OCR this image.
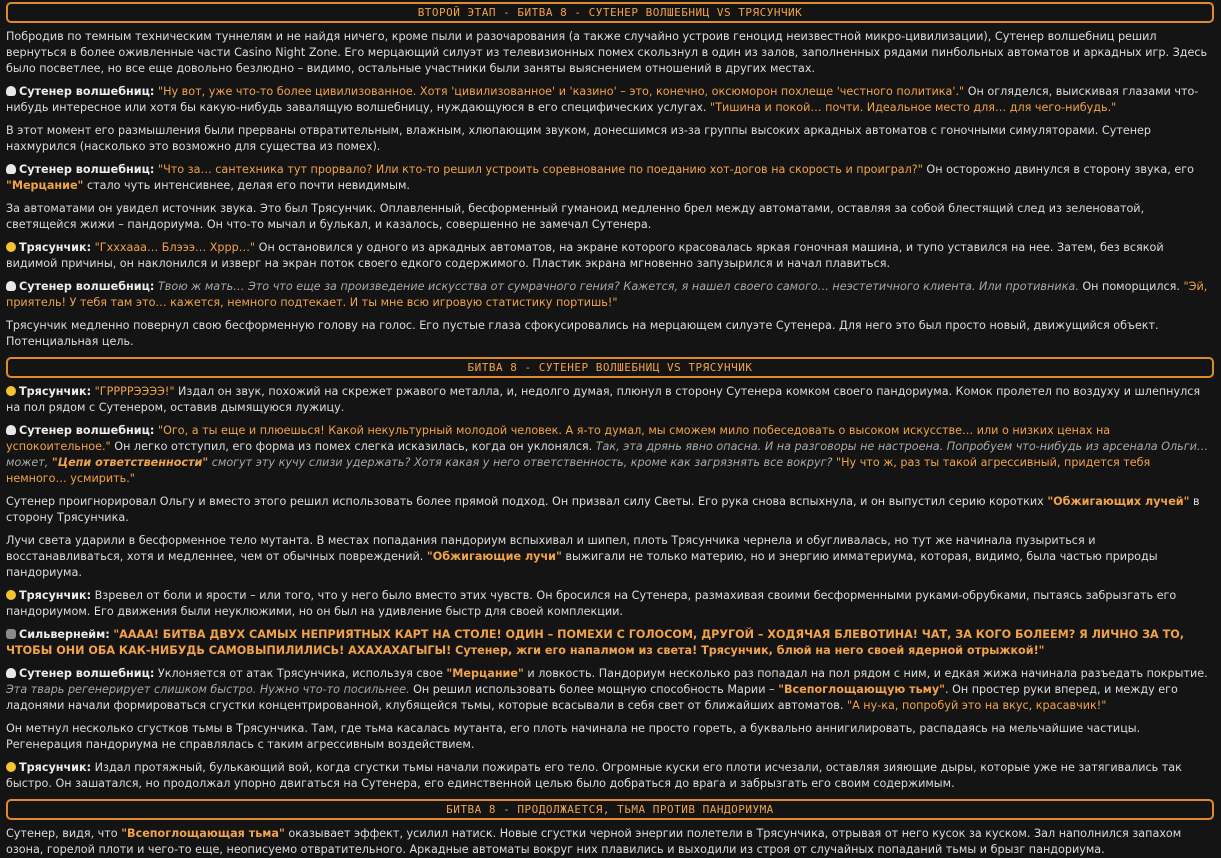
ВТОРОЙ ЭТАП - БИТВА 8 - СУТЕНЕР ВОЛШЕБНИЦ VS ТРЯСУНЧИК

Побродив по темным техническим туннелям и не найдя ничего, кроме пыли и разочарования (а также случайно устроив геноцид неизвестной микро-цивилизации), Сутенер волшебниц решил вернуться в более оживленные части Casino Night Zone. Его мерцающий силуэт из телевизионных помех скользнул в один из залов, заполненных рядами пинбольных автоматов и аркадных игр. Здесь было посветлее, но все еще довольно безлюдно – видимо, остальные участники были заняты выяснением отношений в других местах.

Сутенер волшебниц: "Ну вот, уже что-то более цивилизованное. Хотя 'цивилизованное' и 'казино' – это, конечно, оксюморон похлеще 'честного политика'." Он огляделся, выискивая глазами что-нибудь интересное или хотя бы какую-нибудь завалящую волшебницу, нуждающуюся в его специфических услугах. "Тишина и покой… почти. Идеальное место для… для чего-нибудь."

В этот момент его размышления были прерваны отвратительным, влажным, хлюпающим звуком, донесшимся из-за группы высоких аркадных автоматов с гоночными симуляторами. Сутенер нахмурился (насколько это возможно для существа из помех).

Сутенер волшебниц: "Что за… сантехника тут прорвало? Или кто-то решил устроить соревнование по поеданию хот-догов на скорость и проиграл?" Он осторожно двинулся в сторону звука, его "Мерцание" стало чуть интенсивнее, делая его почти невидимым.

За автоматами он увидел источник звука. Это был Трясунчик. Оплавленный, бесформенный гуманоид медленно брел между автоматами, оставляя за собой блестящий след из зеленоватой, светящейся жижи – пандориума. Он что-то мычал и булькал, и казалось, совершенно не замечал Сутенера.

Трясунчик: "Гхххааа… Блэээ… Хррр…" Он остановился у одного из аркадных автоматов, на экране которого красовалась яркая гоночная машина, и тупо уставился на нее. Затем, без всякой видимой причины, он наклонился и изверг на экран поток своего едкого содержимого. Пластик экрана мгновенно запузырился и начал плавиться.

Сутенер волшебниц: Твою ж мать… Это что еще за произведение искусства от сумрачного гения? Кажется, я нашел своего самого… неэстетичного клиента. Или противника. Он поморщился. "Эй, приятель! У тебя там это… кажется, немного подтекает. И ты мне всю игровую статистику портишь!"

Трясунчик медленно повернул свою бесформенную голову на голос. Его пустые глаза сфокусировались на мерцающем силуэте Сутенера. Для него это был просто новый, движущийся объект. Потенциальная цель.

БИТВА 8 - СУТЕНЕР ВОЛШЕБНИЦ VS ТРЯСУНЧИК

Трясунчик: "ГРРРРЭЭЭЭ!" Издал он звук, похожий на скрежет ржавого металла, и, недолго думая, плюнул в сторону Сутенера комком своего пандориума. Комок пролетел по воздуху и шлепнулся на пол рядом с Сутенером, оставив дымящуюся лужицу.

Сутенер волшебниц: "Ого, а ты еще и плюешься! Какой некультурный молодой человек. А я-то думал, мы сможем мило побеседовать о высоком искусстве… или о низких ценах на успокоительное." Он легко отступил, его форма из помех слегка исказилась, когда он уклонялся. Так, эта дрянь явно опасна. И на разговоры не настроена. Попробуем что-нибудь из арсенала Ольги… может, "Цепи ответственности" смогут эту кучу слизи удержать? Хотя какая у него ответственность, кроме как загрязнять все вокруг? "Ну что ж, раз ты такой агрессивный, придется тебя немного… усмирить."

Сутенер проигнорировал Ольгу и вместо этого решил использовать более прямой подход. Он призвал силу Светы. Его рука снова вспыхнула, и он выпустил серию коротких "Обжигающих лучей" в сторону Трясунчика.

Лучи света ударили в бесформенное тело мутанта. В местах попадания пандориум вспыхивал и шипел, плоть Трясунчика чернела и обугливалась, но тут же начинала пузыриться и восстанавливаться, хотя и медленнее, чем от обычных повреждений. "Обжигающие лучи" выжигали не только материю, но и энергию имматериума, которая, видимо, была частью природы пандориума.

Трясунчик: Взревел от боли и ярости – или того, что у него было вместо этих чувств. Он бросился на Сутенера, размахивая своими бесформенными руками-обрубками, пытаясь забрызгать его пандориумом. Его движения были неуклюжими, но он был на удивление быстр для своей комплекции.

Сильвернейм: "АААА! БИТВА ДВУХ САМЫХ НЕПРИЯТНЫХ КАРТ НА СТОЛЕ! ОДИН – ПОМЕХИ С ГОЛОСОМ, ДРУГОЙ – ХОДЯЧАЯ БЛЕВОТИНА! ЧАТ, ЗА КОГО БОЛЕЕМ? Я ЛИЧНО ЗА ТО, ЧТОБЫ ОНИ ОБА КАК-НИБУДЬ САМОВЫПИЛИЛИСЬ! АХАХАХАГЫГЫ! Сутенер, жги его напалмом из света! Трясунчик, блюй на него своей ядерной отрыжкой!"

Сутенер волшебниц: Уклоняется от атак Трясунчика, используя свое "Мерцание" и ловкость. Пандориум несколько раз попадал на пол рядом с ним, и едкая жижа начинала разъедать покрытие. Эта тварь регенерирует слишком быстро. Нужно что-то посильнее. Он решил использовать более мощную способность Марии – "Всепоглощающую тьму". Он простер руки вперед, и между его ладонями начали формироваться сгустки концентрированной, клубящейся тьмы, которые всасывали в себя свет от ближайших автоматов. "А ну-ка, попробуй это на вкус, красавчик!"

Он метнул несколько сгустков тьмы в Трясунчика. Там, где тьма касалась мутанта, его плоть начинала не просто гореть, а буквально аннигилировать, распадаясь на мельчайшие частицы. Регенерация пандориума не справлялась с таким агрессивным воздействием.

Трясунчик: Издал протяжный, булькающий вой, когда сгустки тьмы начали пожирать его тело. Огромные куски его плоти исчезали, оставляя зияющие дыры, которые уже не затягивались так быстро. Он зашатался, но продолжал упорно двигаться на Сутенера, его единственной целью было добраться до врага и забрызгать его своим содержимым.

БИТВА 8 - ПРОДОЛЖАЕТСЯ, ТЬМА ПРОТИВ ПАНДОРИУМА

Сутенер, видя, что "Всепоглощающая тьма" оказывает эффект, усилил натиск. Новые сгустки черной энергии полетели в Трясунчика, отрывая от него кусок за куском. Зал наполнился запахом озона, горелой плоти и чего-то еще, неописуемо отвратительного. Аркадные автоматы вокруг них плавились и выходили из строя от случайных попаданий тьмы и брызг пандориума.
